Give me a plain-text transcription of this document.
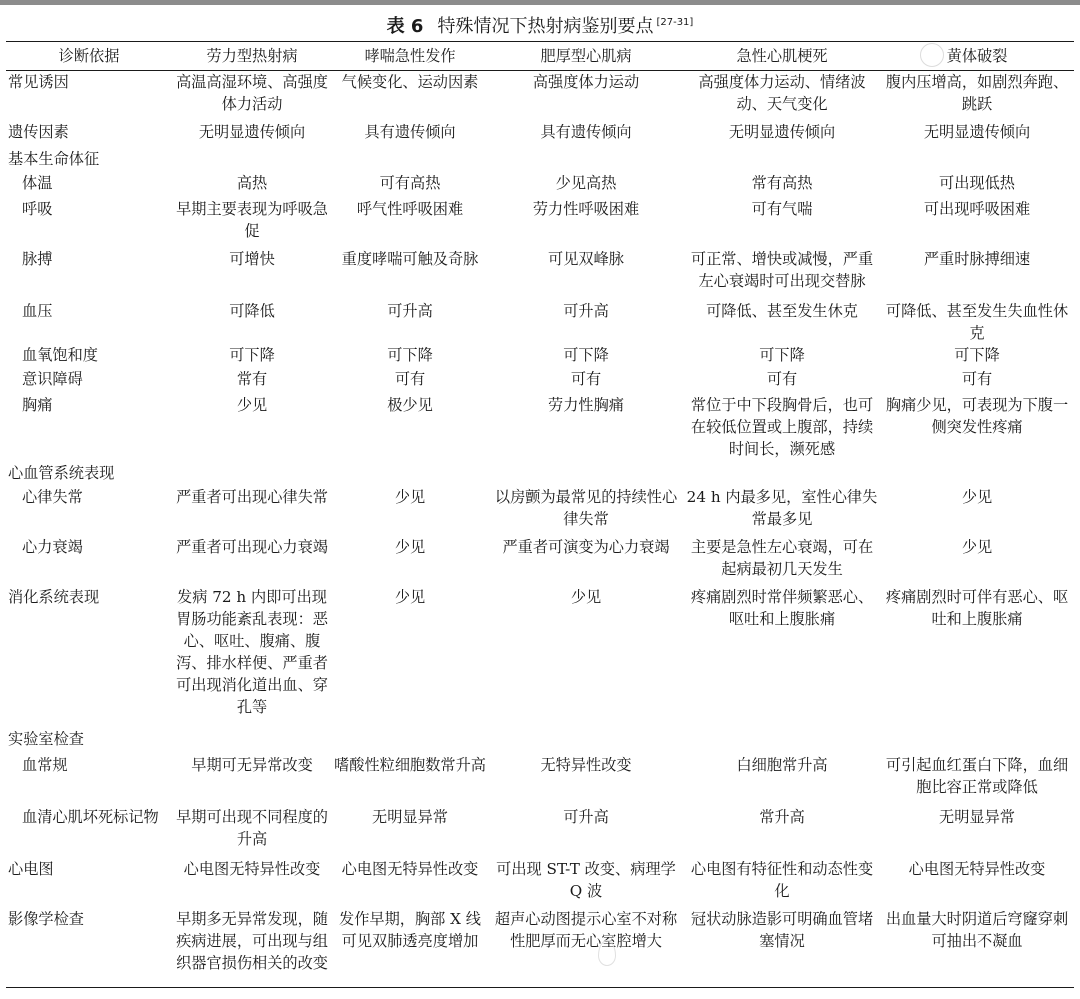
表 6 特殊情况下热射病鉴别要点 [27-31]
诊断依据	劳力型热射病	哮喘急性发作	肥厚型心肌病	急性心肌梗死	黄体破裂
常见诱因	高温高湿环境、高强度体力活动	气候变化、运动因素	高强度体力运动	高强度体力运动、情绪波动、天气变化	腹内压增高，如剧烈奔跑、跳跃
遗传因素	无明显遗传倾向	具有遗传倾向	具有遗传倾向	无明显遗传倾向	无明显遗传倾向
基本生命体征					
体温	高热	可有高热	少见高热	常有高热	可出现低热
呼吸	早期主要表现为呼吸急促	呼气性呼吸困难	劳力性呼吸困难	可有气喘	可出现呼吸困难
脉搏	可增快	重度哮喘可触及奇脉	可见双峰脉	可正常、增快或减慢，严重左心衰竭时可出现交替脉	严重时脉搏细速
血压	可降低	可升高	可升高	可降低、甚至发生休克	可降低、甚至发生失血性休克
血氧饱和度	可下降	可下降	可下降	可下降	可下降
意识障碍	常有	可有	可有	可有	可有
胸痛	少见	极少见	劳力性胸痛	常位于中下段胸骨后，也可在较低位置或上腹部，持续时间长，濒死感	胸痛少见，可表现为下腹一侧突发性疼痛
心血管系统表现					
心律失常	严重者可出现心律失常	少见	以房颤为最常见的持续性心律失常	24 h 内最多见，室性心律失常最多见	少见
心力衰竭	严重者可出现心力衰竭	少见	严重者可演变为心力衰竭	主要是急性左心衰竭，可在起病最初几天发生	少见
消化系统表现	发病 72 h 内即可出现胃肠功能紊乱表现：恶心、呕吐、腹痛、腹泻、排水样便、严重者可出现消化道出血、穿孔等	少见	少见	疼痛剧烈时常伴频繁恶心、呕吐和上腹胀痛	疼痛剧烈时可伴有恶心、呕吐和上腹胀痛
实验室检查					
血常规	早期可无异常改变	嗜酸性粒细胞数常升高	无特异性改变	白细胞常升高	可引起血红蛋白下降，血细胞比容正常或降低
血清心肌坏死标记物	早期可出现不同程度的升高	无明显异常	可升高	常升高	无明显异常
心电图	心电图无特异性改变	心电图无特异性改变	可出现 ST-T 改变、病理学 Q 波	心电图有特征性和动态性变化	心电图无特异性改变
影像学检查	早期多无异常发现，随疾病进展，可出现与组织器官损伤相关的改变	发作早期，胸部 X 线可见双肺透亮度增加	超声心动图提示心室不对称性肥厚而无心室腔增大	冠状动脉造影可明确血管堵塞情况	出血量大时阴道后穹窿穿刺可抽出不凝血
